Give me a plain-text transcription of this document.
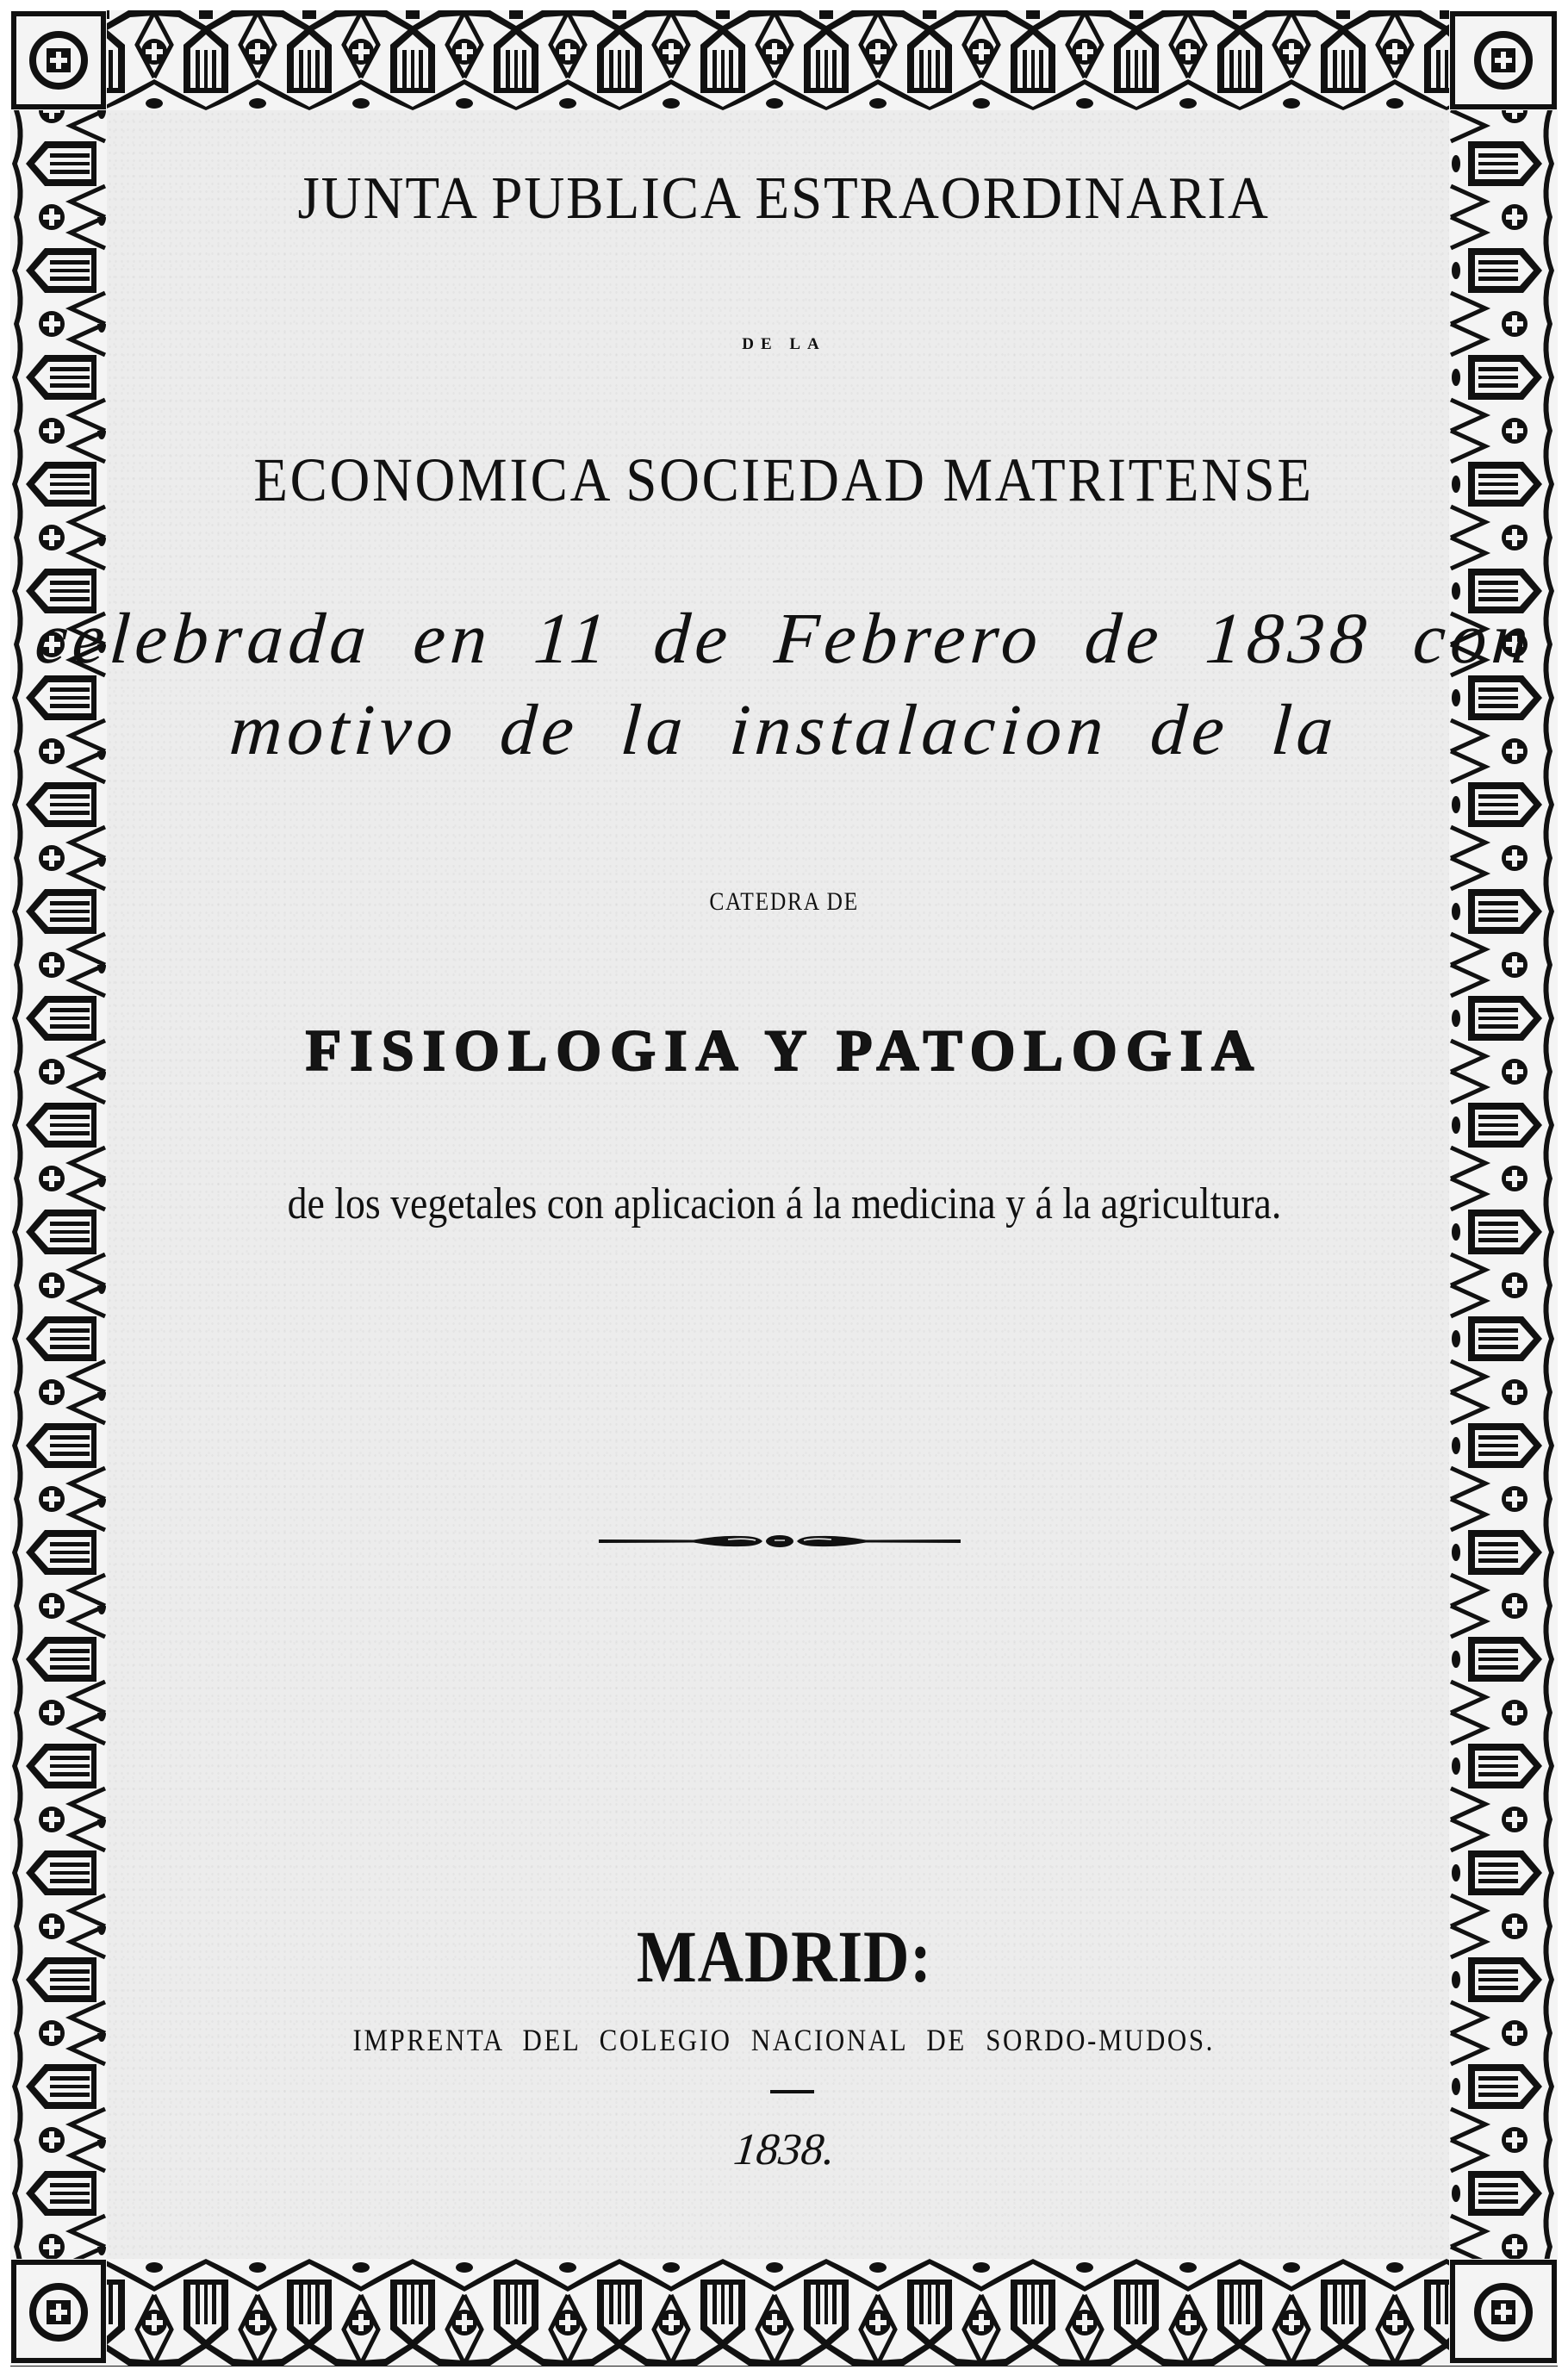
JUNTA PUBLICA ESTRAORDINARIA
DE LA
ECONOMICA SOCIEDAD MATRITENSE
celebrada en 11 de Febrero de 1838 con
motivo de la instalacion de la
CATEDRA DE
FISIOLOGIA Y PATOLOGIA
de los vegetales con aplicacion á la medicina y á la agricultura.
MADRID:
IMPRENTA DEL COLEGIO NACIONAL DE SORDO-MUDOS.
1838.
